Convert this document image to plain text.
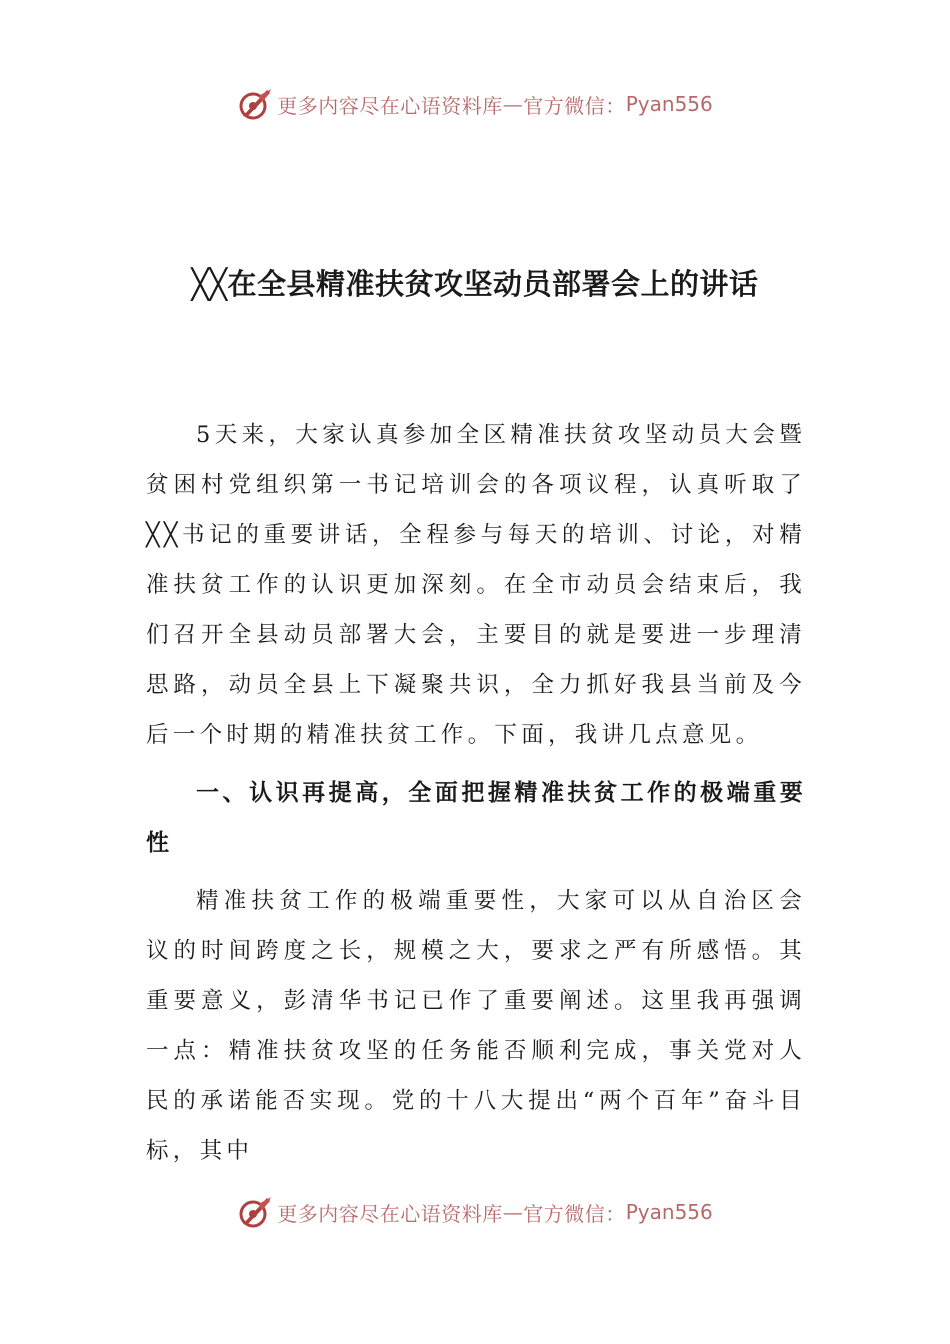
更多内容尽在心语资料库 — 官方微信： Pyan556
╳╳在全县精准扶贫攻坚动员部署会上的讲话

5天来，大家认真参加全区精准扶贫攻坚动员大会暨贫困村党组织第一书记培训会的各项议程，认真听取了╳╳书记的重要讲话，全程参与每天的培训、讨论，对精准扶贫工作的认识更加深刻。在全市动员会结束后，我们召开全县动员部署大会，主要目的就是要进一步理清思路，动员全县上下凝聚共识，全力抓好我县当前及今后一个时期的精准扶贫工作。下面，我讲几点意见。

一、认识再提高，全面把握精准扶贫工作的极端重要性

精准扶贫工作的极端重要性，大家可以从自治区会议的时间跨度之长，规模之大，要求之严有所感悟。其重要意义，彭清华书记已作了重要阐述。这里我再强调一点：精准扶贫攻坚的任务能否顺利完成，事关党对人民的承诺能否实现。党的十八大提出“两个百年”奋斗目标，其中

更多内容尽在心语资料库 — 官方微信： Pyan556
